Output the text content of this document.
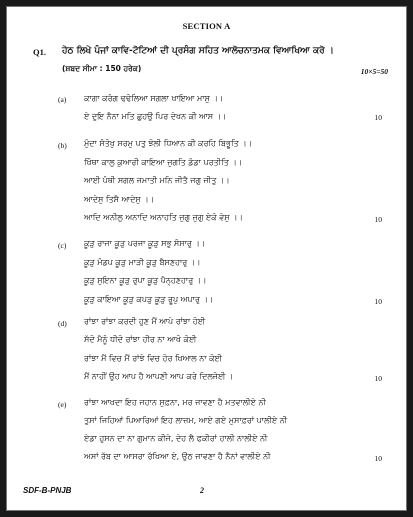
SECTION A
Q1. ਹੇਠ ਲਿਖੇ ਪੰਜਾਂ ਕਾਵਿ-ਟੋਟਿਆਂ ਦੀ ਪ੍ਰਸੰਗ ਸਹਿਤ ਆਲੋਚਨਾਤਮਕ ਵਿਆਖਿਆ ਕਰੋ ।
(ਸ਼ਬਦ ਸੀਮਾ : 150 ਹਰੇਕ)	10×5=50
(a) ਕਾਗਾ ਕਰੰਗ ਢਢੋਲਿਆ ਸਗਲਾ ਖਾਇਆ ਮਾਸੁ ।।
ਏ ਦੁਇ ਨੈਨਾ ਮਤਿ ਛੁਹਉ ਪਿਰ ਦੇਖਨ ਕੀ ਆਸ ।।	10
(b) ਮੁੰਦਾ ਸੰਤੋਖੁ ਸਰਮੁ ਪਤੁ ਝੋਲੀ ਧਿਆਨ ਕੀ ਕਰਹਿ ਬਿਭੂਤਿ ।।
ਖਿੰਥਾ ਕਾਲੁ ਕੁਆਰੀ ਕਾਇਆ ਜੁਗਤਿ ਡੰਡਾ ਪਰਤੀਤਿ ।।
ਆਈ ਪੰਥੀ ਸਗਲ ਜਮਾਤੀ ਮਨਿ ਜੀਤੈ ਜਗੁ ਜੀਤੁ ।।
ਆਦੇਸੁ ਤਿਸੈ ਆਦੇਸੁ ।।
ਆਦਿ ਅਨੀਲੁ ਅਨਾਦਿ ਅਨਾਹਤਿ ਜੁਗੁ ਜੁਗੁ ਏਕੋ ਵੇਸੁ ।।	10
(c) ਕੂੜੁ ਰਾਜਾ ਕੂੜੁ ਪਰਜਾ ਕੂੜੁ ਸਭੁ ਸੰਸਾਰੁ ।।
ਕੂੜੁ ਮੰਡਪ ਕੂੜੁ ਮਾੜੀ ਕੂੜੁ ਬੈਸਣਹਾਰੁ ।।
ਕੂੜੁ ਸੁਇਨਾ ਕੂੜੁ ਰੁਪਾ ਕੂੜੁ ਪੈਨ੍ਹਣਹਾਰੁ ।।
ਕੂੜੁ ਕਾਇਆ ਕੂੜੁ ਕਪੜੁ ਕੂੜੁ ਰੂਪੁ ਅਪਾਰੁ ।।	10
(d) ਰਾਂਝਾ ਰਾਂਝਾ ਕਰਦੀ ਹੁਣ ਮੈਂ ਆਪੇ ਰਾਂਝਾ ਹੋਈ
ਸੱਦੋ ਮੈਨੂੰ ਧੀਦੋ ਰਾਂਝਾ ਹੀਰ ਨਾ ਆਖੋ ਕੋਈ
ਰਾਂਝਾ ਮੈਂ ਵਿਚ ਮੈਂ ਰਾਂਝੇ ਵਿਚ ਹੋਰ ਖਿਆਲ ਨਾ ਕੋਈ
ਮੈਂ ਨਾਹੀਂ ਉਹ ਆਪ ਹੈ ਆਪਣੀ ਆਪ ਕਰੇ ਦਿਲਜੋਈ ।	10
(e) ਰਾਂਝਾ ਆਖਦਾ ਇਹ ਜਹਾਨ ਸੁਫ਼ਨਾ, ਮਰ ਜਾਵਣਾ ਹੈ ਮਤਵਾਲੀਏ ਨੀ
ਤੁਸਾਂ ਜਿਹਿਆਂ ਪਿਆਰਿਆਂ ਇਹ ਲਾਜ਼ਮ, ਆਏ ਗਏ ਮੁਸਾਫ਼ਰਾਂ ਪਾਲੀਏ ਨੀ
ਏਡਾ ਹੁਸਨ ਦਾ ਨਾ ਗੁਮਾਨ ਕੀਜੇ, ਦੇਹ ਲੈ ਫਕੀਰਾਂ ਹਾਲੀ ਨਾਲੀਏ ਨੀ
ਅਸਾਂ ਰੱਬ ਦਾ ਆਸਰਾ ਰੱਖਿਆ ਏ, ਉਠ ਜਾਵਣਾ ਹੈ ਨੈਨਾਂ ਵਾਲੀਏ ਨੀ	10
SDF-B-PNJB	2
